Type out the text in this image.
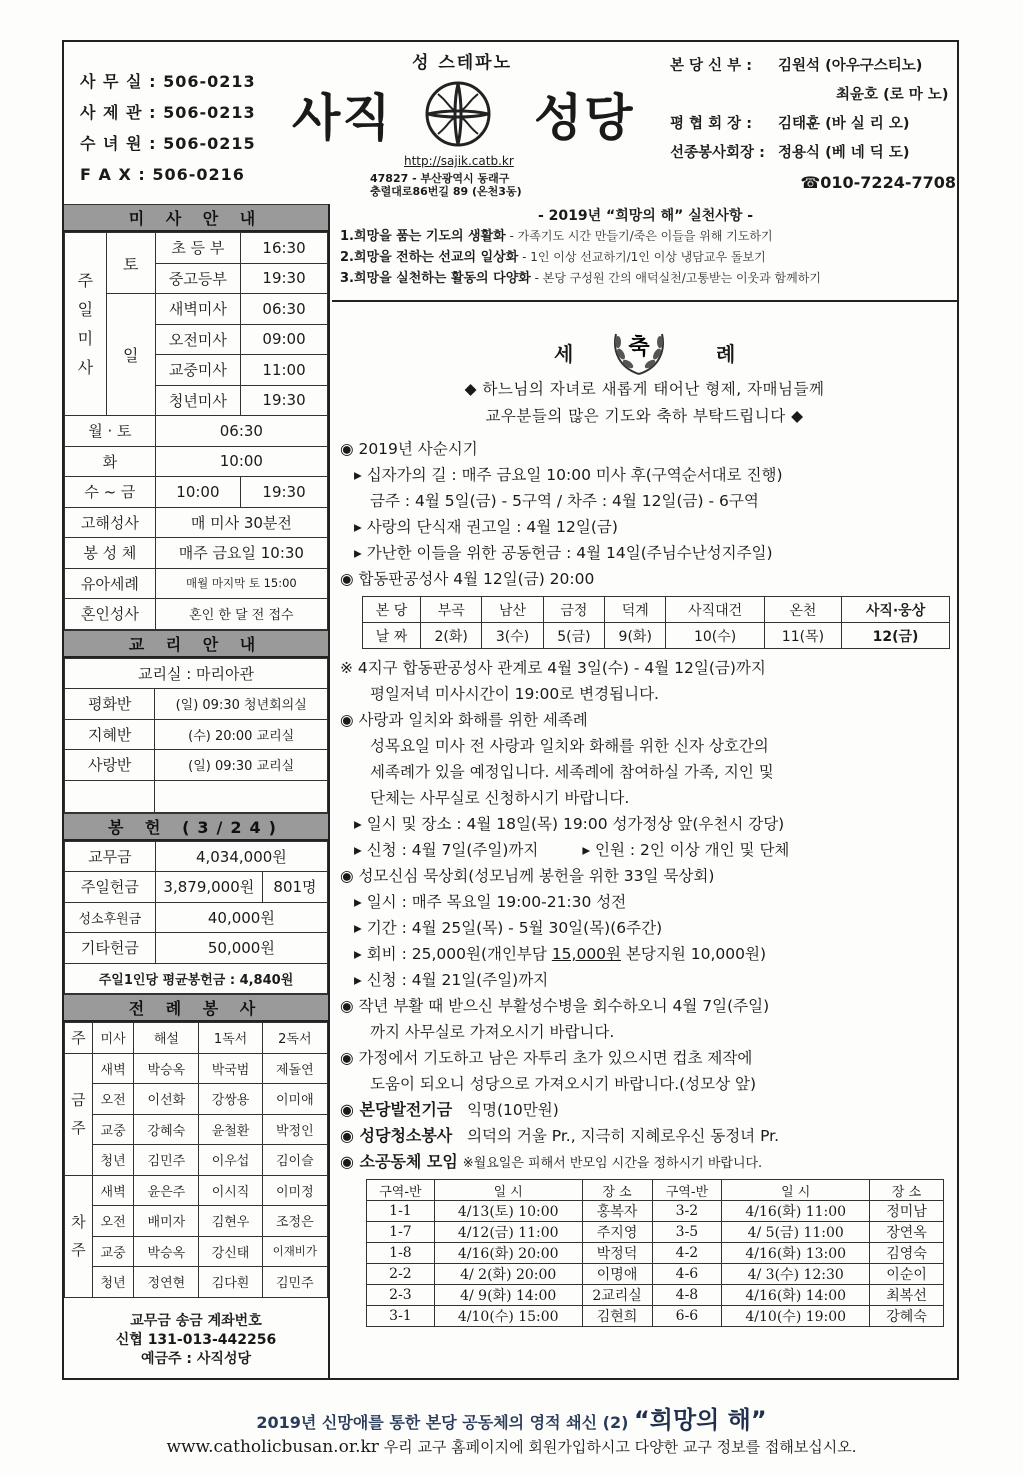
사 무 실 : 506-0213
사 제 관 : 506-0213
수 녀 원 : 506-0215
F A X : 506-0216
성 스테파노
사직	성당
http://sajik.catb.kr
47827 - 부산광역시 동래구
충렬대로86번길 89 (온천3동)
본 당 신 부 :	김원석 (아우구스티노)
최윤호 (로 마 노)
평 협 회 장 :	김태훈 (바 실 리 오)
선종봉사회장 : 정용식 (베 네 딕 도)
☎010-7224-7708
미 사 안 내
주일미사	토	초 등 부	16:30
		중고등부	19:30
	일	새벽미사	06:30
		오전미사	09:00
		교중미사	11:00
		청년미사	19:30
월 · 토		06:30	
화		10:00	
수 ~ 금		10:00	19:30
고해성사		매 미사 30분전	
봉 성 체		매주 금요일 10:30	
유아세례		매월 마지막 토 15:00	
혼인성사		혼인 한 달 전 접수	
교 리 안 내
교리실 : 마리아관	
평화반	(일) 09:30 청년회의실
지혜반	(수) 20:00 교리실
사랑반	(일) 09:30 교리실

봉 헌 (3/24)
교무금	4,034,000원	
주일헌금	3,879,000원	801명
성소후원금	40,000원	
기타헌금	50,000원	
주일1인당 평균봉헌금 : 4,840원		
전 례 봉 사
주	미사	해설	1독서	2독서
금주	새벽	박승옥	박국범	제돌연
	오전	이선화	강쌍용	이미애
	교중	강혜숙	윤철환	박정인
	청년	김민주	이우섭	김이슬
차주	새벽	윤은주	이시직	이미정
	오전	배미자	김현우	조정은
	교중	박승옥	강신태	이재비가
	청년	정연현	김다흰	김민주
교무금 송금 계좌번호
신협 131-013-442256
예금주 : 사직성당
- 2019년 “희망의 해” 실천사항 -
1.희망을 품는 기도의 생활화 - 가족기도 시간 만들기/죽은 이들을 위해 기도하기
2.희망을 전하는 선교의 일상화 - 1인 이상 선교하기/1인 이상 냉담교우 돌보기
3.희망을 실천하는 활동의 다양화 - 본당 구성원 간의 애덕실천/고통받는 이웃과 함께하기
세	축	례
◆ 하느님의 자녀로 새롭게 태어난 형제, 자매님들께
교우분들의 많은 기도와 축하 부탁드립니다 ◆
◉ 2019년 사순시기
▸ 십자가의 길 : 매주 금요일 10:00 미사 후(구역순서대로 진행)
금주 : 4월 5일(금) - 5구역 / 차주 : 4월 12일(금) - 6구역
▸ 사랑의 단식재 권고일 : 4월 12일(금)
▸ 가난한 이들을 위한 공동헌금 : 4월 14일(주님수난성지주일)
◉ 합동판공성사 4월 12일(금) 20:00
본 당	부곡	남산	금정	덕계	사직대건	온천	사직·웅상
날 짜	2(화)	3(수)	5(금)	9(화)	10(수)	11(목)	12(금)
※ 4지구 합동판공성사 관계로 4월 3일(수) - 4월 12일(금)까지
평일저녁 미사시간이 19:00로 변경됩니다.
◉ 사랑과 일치와 화해를 위한 세족례
성목요일 미사 전 사랑과 일치와 화해를 위한 신자 상호간의
세족례가 있을 예정입니다. 세족례에 참여하실 가족, 지인 및
단체는 사무실로 신청하시기 바랍니다.
▸ 일시 및 장소 : 4월 18일(목) 19:00 성가정상 앞(우천시 강당)
▸ 신청 : 4월 7일(주일)까지	▸ 인원 : 2인 이상 개인 및 단체
◉ 성모신심 묵상회(성모님께 봉헌을 위한 33일 묵상회)
▸ 일시 : 매주 목요일 19:00-21:30 성전
▸ 기간 : 4월 25일(목) - 5월 30일(목)(6주간)
▸ 회비 : 25,000원(개인부담 15,000원 본당지원 10,000원)
▸ 신청 : 4월 21일(주일)까지
◉ 작년 부활 때 받으신 부활성수병을 회수하오니 4월 7일(주일)
까지 사무실로 가져오시기 바랍니다.
◉ 가정에서 기도하고 남은 자투리 초가 있으시면 컵초 제작에
도움이 되오니 성당으로 가져오시기 바랍니다.(성모상 앞)
◉ 본당발전기금 익명(10만원)
◉ 성당청소봉사 의덕의 거울 Pr., 지극히 지혜로우신 동정녀 Pr.
◉ 소공동체 모임 ※월요일은 피해서 반모임 시간을 정하시기 바랍니다.
구역-반	일 시	장 소	구역-반	일 시	장 소
1-1	4/13(토) 10:00	홍복자	3-2	4/16(화) 11:00	정미남
1-7	4/12(금) 11:00	주지영	3-5	4/ 5(금) 11:00	장연옥
1-8	4/16(화) 20:00	박정덕	4-2	4/16(화) 13:00	김영숙
2-2	4/ 2(화) 20:00	이명애	4-6	4/ 3(수) 12:30	이순이
2-3	4/ 9(화) 14:00	2교리실	4-8	4/16(화) 14:00	최복선
3-1	4/10(수) 15:00	김현희	6-6	4/10(수) 19:00	강혜숙
2019년 신망애를 통한 본당 공동체의 영적 쇄신 (2) “희망의 해”
www.catholicbusan.or.kr 우리 교구 홈페이지에 회원가입하시고 다양한 교구 정보를 접해보십시오.
